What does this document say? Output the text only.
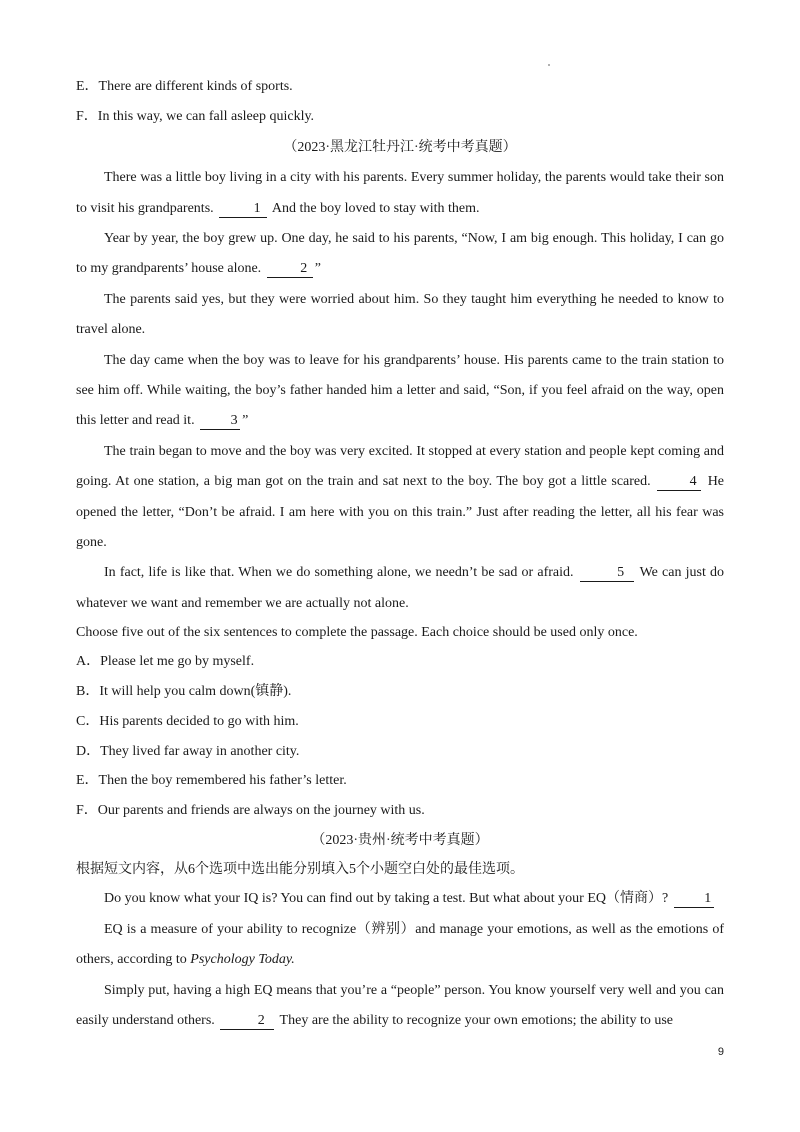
E．There are different kinds of sports.
F．In this way, we can fall asleep quickly.
（2023·黑龙江牡丹江·统考中考真题）

There was a little boy living in a city with his parents. Every summer holiday, the parents would take their son to visit his grandparents.	1 And the boy loved to stay with them.

Year by year, the boy grew up. One day, he said to his parents, “Now, I am big enough. This holiday, I can go to my grandparents’ house alone.	2 ”

The parents said yes, but they were worried about him. So they taught him everything he needed to know to travel alone.

The day came when the boy was to leave for his grandparents’ house. His parents came to the train station to see him off. While waiting, the boy’s father handed him a letter and said, “Son, if you feel afraid on the way, open this letter and read it.	3 ”

The train began to move and the boy was very excited. It stopped at every station and people kept coming and going. At one station, a big man got on the train and sat next to the boy. The boy got a little scared.	4 He opened the letter, “Don’t be afraid. I am here with you on this train.” Just after reading the letter, all his fear was gone.

In fact, life is like that. When we do something alone, we needn’t be sad or afraid.	5 We can just do whatever we want and remember we are actually not alone.

Choose five out of the six sentences to complete the passage. Each choice should be used only once.
A．Please let me go by myself.
B．It will help you calm down(镇静).
C．His parents decided to go with him.
D．They lived far away in another city.
E．Then the boy remembered his father’s letter.
F．Our parents and friends are always on the journey with us.
（2023·贵州·统考中考真题）
根据短文内容，从6个选项中选出能分别填入5个小题空白处的最佳选项。

Do you know what your IQ is? You can find out by taking a test. But what about your EQ（情商）?	1

EQ is a measure of your ability to recognize（辨别）and manage your emotions, as well as the emotions of others, according to Psychology Today.

Simply put, having a high EQ means that you’re a “people” person. You know yourself very well and you can easily understand others.	2 They are the ability to recognize your own emotions; the ability to use

9
